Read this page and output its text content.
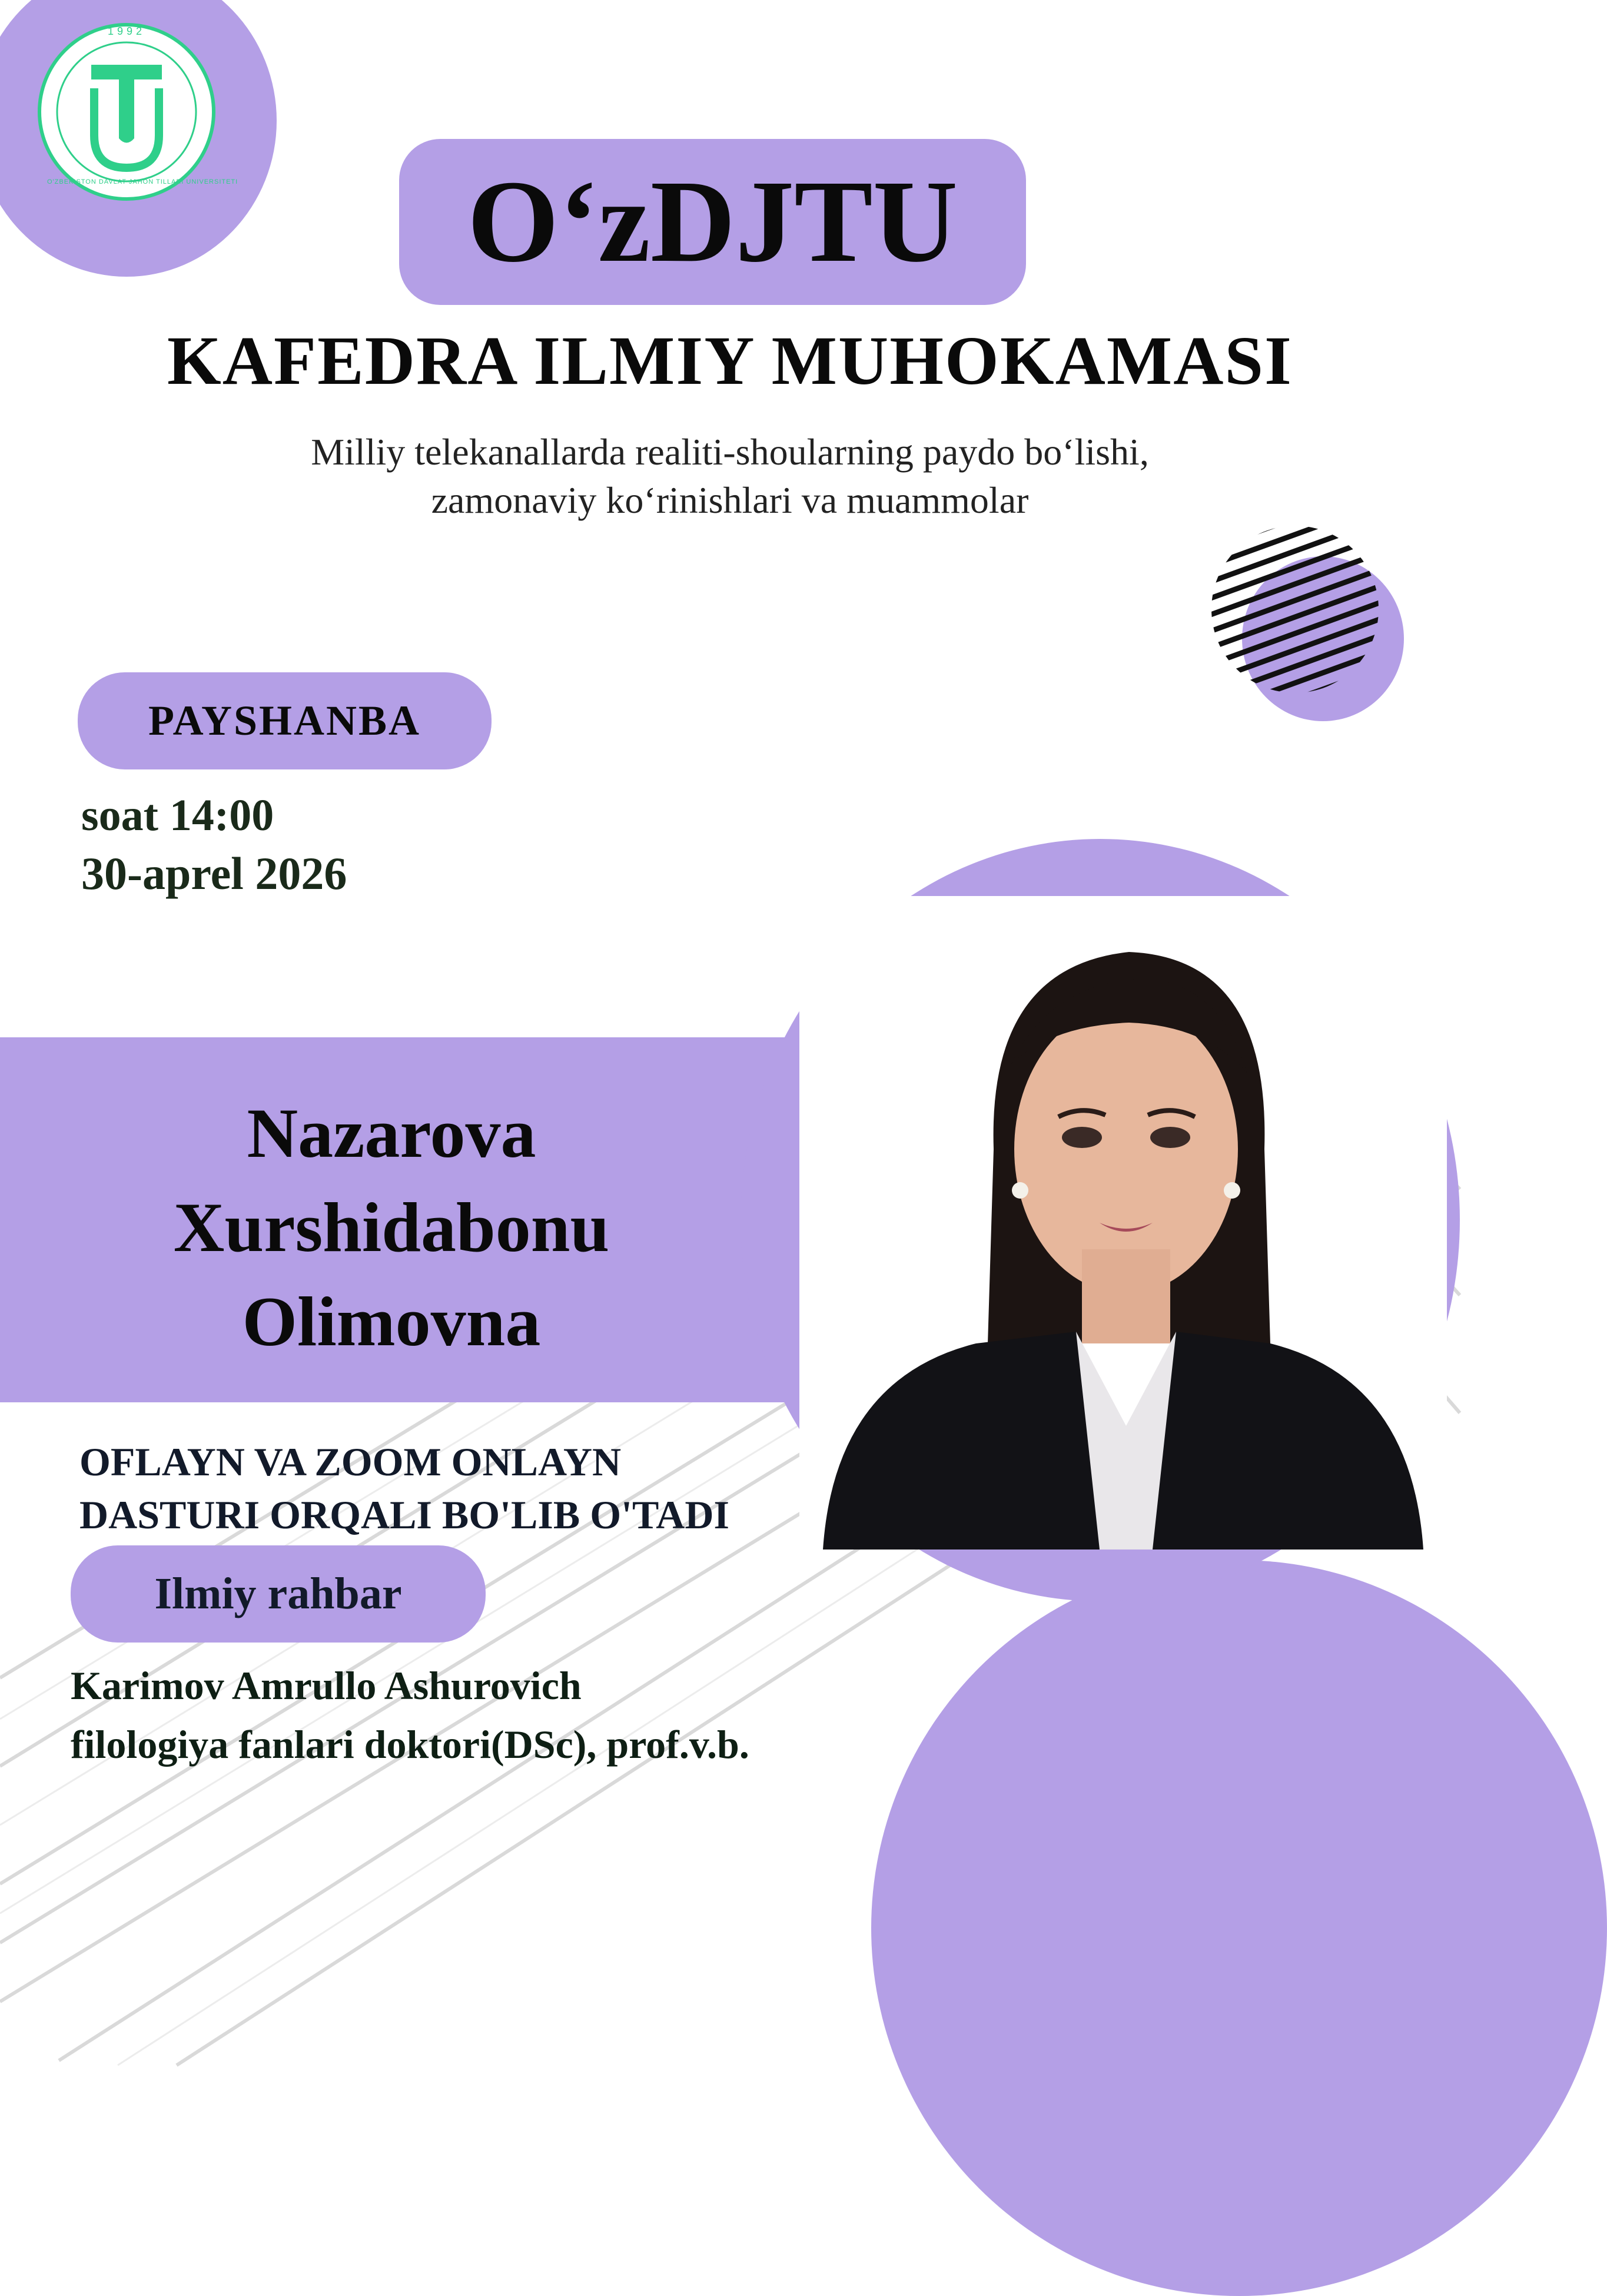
1992
O'ZBEKISTON DAVLAT JAHON TILLARI UNIVERSITETI O‘zDJTU
KAFEDRA ILMIY MUHOKAMASI
Milliy telekanallarda realiti-shoularning paydo bo‘lishi,
zamonaviy ko‘rinishlari va muammolar
PAYSHANBA
soat 14:00
30-aprel 2026
Nazarova
Xurshidabonu
Olimovna
OFLAYN VA ZOOM ONLAYN
DASTURI ORQALI BO'LIB O'TADI
Ilmiy rahbar
Karimov Amrullo Ashurovich
filologiya fanlari doktori(DSc), prof.v.b.
